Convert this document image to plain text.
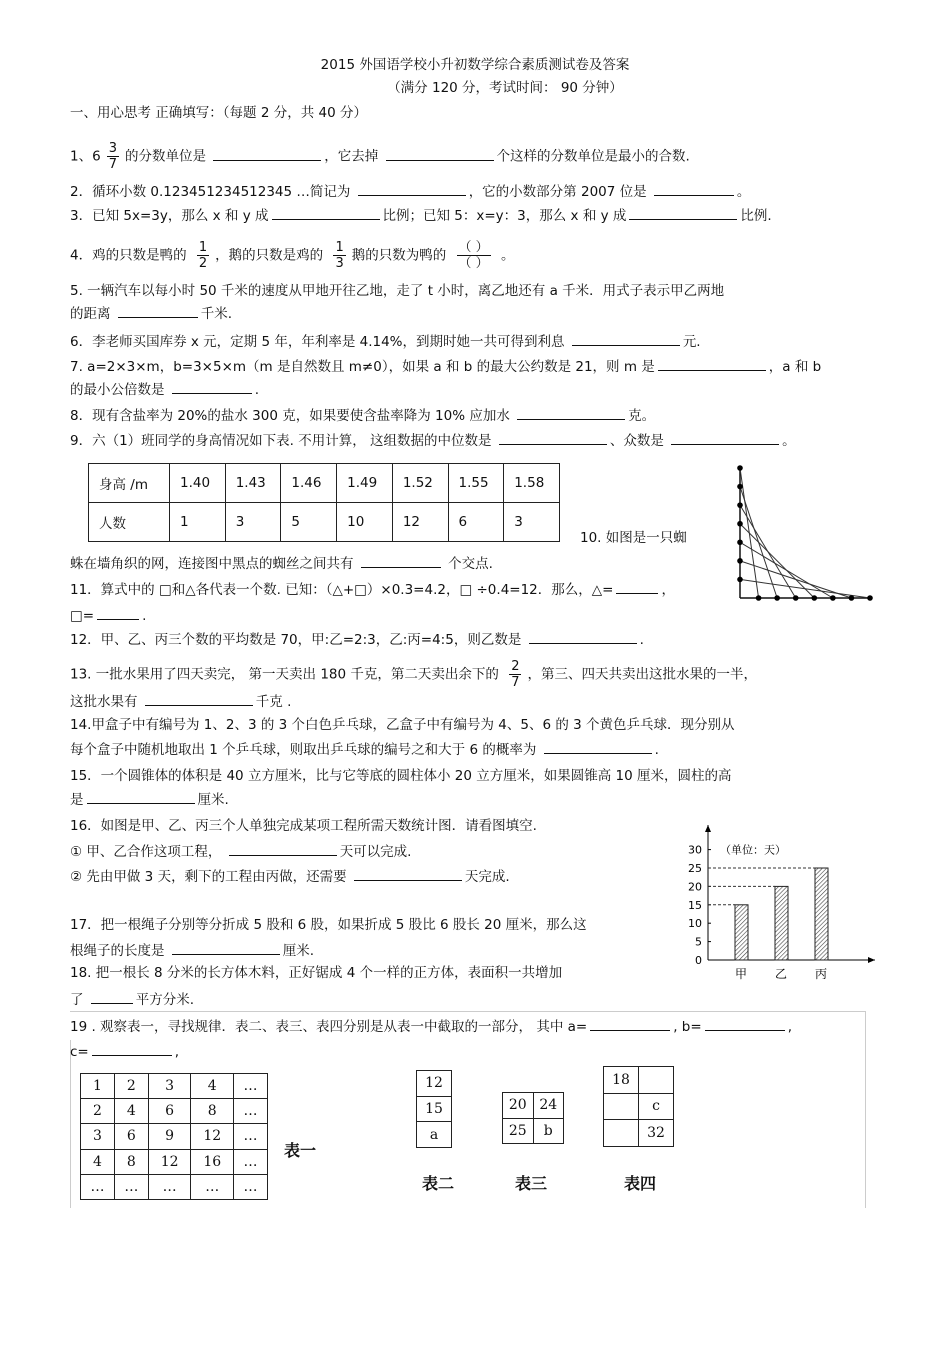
2015 外国语学校小升初数学综合素质测试卷及答案
（满分 120 分，考试时间： 90 分钟）
一、用心思考 正确填写：（每题 2 分，共 40 分）
1、$6 \frac{3}{7}$ 的分数单位是	，它去掉	个这样的分数单位是最小的合数.
2．循环小数 0.123451234512345 …简记为	，它的小数部分第 2007 位是	。
3．已知 5x=3y，那么 x 和 y 成	比例；已知 5：x=y：3，那么 x 和 y 成	比例.
4．鸡的只数是鸭的 $\frac{1}{2}$ ，鹅的只数是鸡的 $\frac{1}{3}$ 鹅的只数为鸭的 $\frac{( )}{( )}$ 。
5. 一辆汽车以每小时 50 千米的速度从甲地开往乙地，走了 t 小时，离乙地还有 a 千米．用式子表示甲乙两地
的距离	千米.
6．李老师买国库券 x 元，定期 5 年，年利率是 4.14%，到期时她一共可得到利息	元.
7. a=2×3×m，b=3×5×m（m 是自然数且 m≠0），如果 a 和 b 的最大公约数是 21，则 m 是	，a 和 b
的最小公倍数是	.
8．现有含盐率为 20%的盐水 300 克，如果要使含盐率降为 10% 应加水	克。
9．六（1）班同学的身高情况如下表. 不用计算， 这组数据的中位数是	、众数是	。
身高 /m	1.40	1.43	1.46	1.49	1.52	1.55	1.58
人数	1	3	5	10	12	6	3
10. 如图是一只蜘
蛛在墙角织的网，连接图中黑点的蜘丝之间共有	个交点.
11．算式中的 □和△各代表一个数. 已知：（△+□）×0.3=4.2，□ ÷0.4=12．那么，△=	，
□=	.
12．甲、乙、丙三个数的平均数是 70，甲:乙=2:3，乙:丙=4:5，则乙数是	.
13. 一批水果用了四天卖完， 第一天卖出 180 千克，第二天卖出余下的 $\frac{2}{7}$ ，第三、四天共卖出这批水果的一半，
这批水果有	千克 .
14.甲盒子中有编号为 1、2、3 的 3 个白色乒乓球，乙盒子中有编号为 4、5、6 的 3 个黄色乒乓球．现分别从
每个盒子中随机地取出 1 个乒乓球，则取出乒乓球的编号之和大于 6 的概率为	.
15．一个圆锥体的体积是 40 立方厘米，比与它等底的圆柱体小 20 立方厘米，如果圆锥高 10 厘米，圆柱的高
是	厘米.
16．如图是甲、乙、丙三个人单独完成某项工程所需天数统计图．请看图填空.
① 甲、乙合作这项工程，	天可以完成.
② 先由甲做 3 天，剩下的工程由丙做，还需要	天完成.
0
5
10
15
20
25
30 （单位：天）
甲 乙 丙
17．把一根绳子分别等分折成 5 股和 6 股，如果折成 5 股比 6 股长 20 厘米，那么这
根绳子的长度是	厘米.
18. 把一根长 8 分米的长方体木料，正好锯成 4 个一样的正方体，表面积一共增加
了	平方分米.
19 . 观察表一，寻找规律．表二、表三、表四分别是从表一中截取的一部分， 其中 a=	, b=	,
c=	,
1	2	3	4	…
2	4	6	8	…
3	6	9	12	…
4	8	12	16	…
…	…	…	…	…
表一
12
15
a
20	24
25	b
18	
	c
	32
表二	表三	表四
